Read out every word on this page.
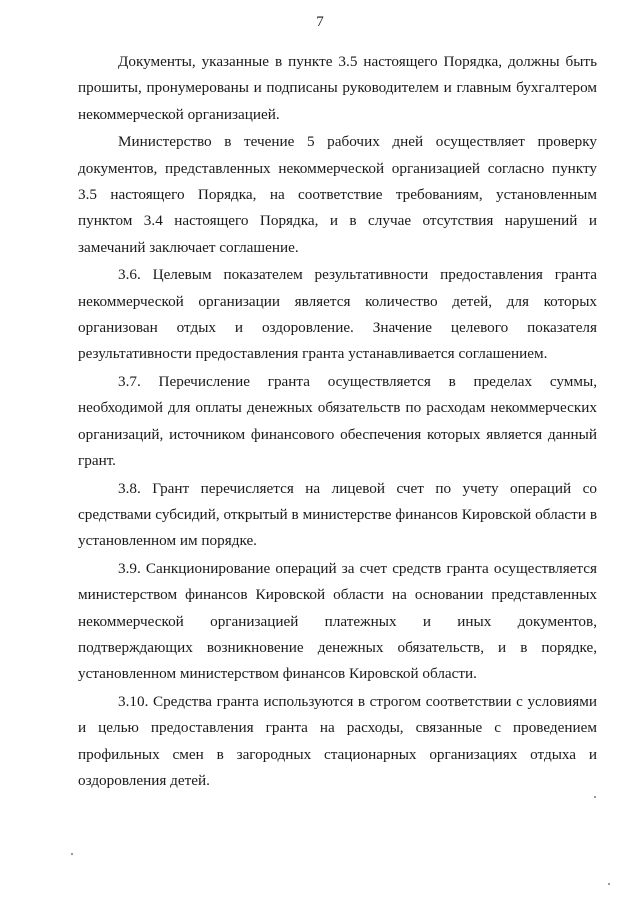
7

Документы, указанные в пункте 3.5 настоящего Порядка, должны быть прошиты, пронумерованы и подписаны руководителем и главным бухгалтером некоммерческой организацией.

Министерство в течение 5 рабочих дней осуществляет проверку документов, представленных некоммерческой организацией согласно пункту 3.5 настоящего Порядка, на соответствие требованиям, установленным пунктом 3.4 настоящего Порядка, и в случае отсутствия нарушений и замечаний заключает соглашение.

3.6. Целевым показателем результативности предоставления гранта некоммерческой организации является количество детей, для которых организован отдых и оздоровление. Значение целевого показателя результативности предоставления гранта устанавливается соглашением.

3.7. Перечисление гранта осуществляется в пределах суммы, необходимой для оплаты денежных обязательств по расходам некоммерческих организаций, источником финансового обеспечения которых является данный грант.

3.8. Грант перечисляется на лицевой счет по учету операций со средствами субсидий, открытый в министерстве финансов Кировской области в установленном им порядке.

3.9. Санкционирование операций за счет средств гранта осуществляется министерством финансов Кировской области на основании представленных некоммерческой организацией платежных и иных документов, подтверждающих возникновение денежных обязательств, и в порядке, установленном министерством финансов Кировской области.

3.10. Средства гранта используются в строгом соответствии с условиями и целью предоставления гранта на расходы, связанные с проведением профильных смен в загородных стационарных организациях отдыха и оздоровления детей.
